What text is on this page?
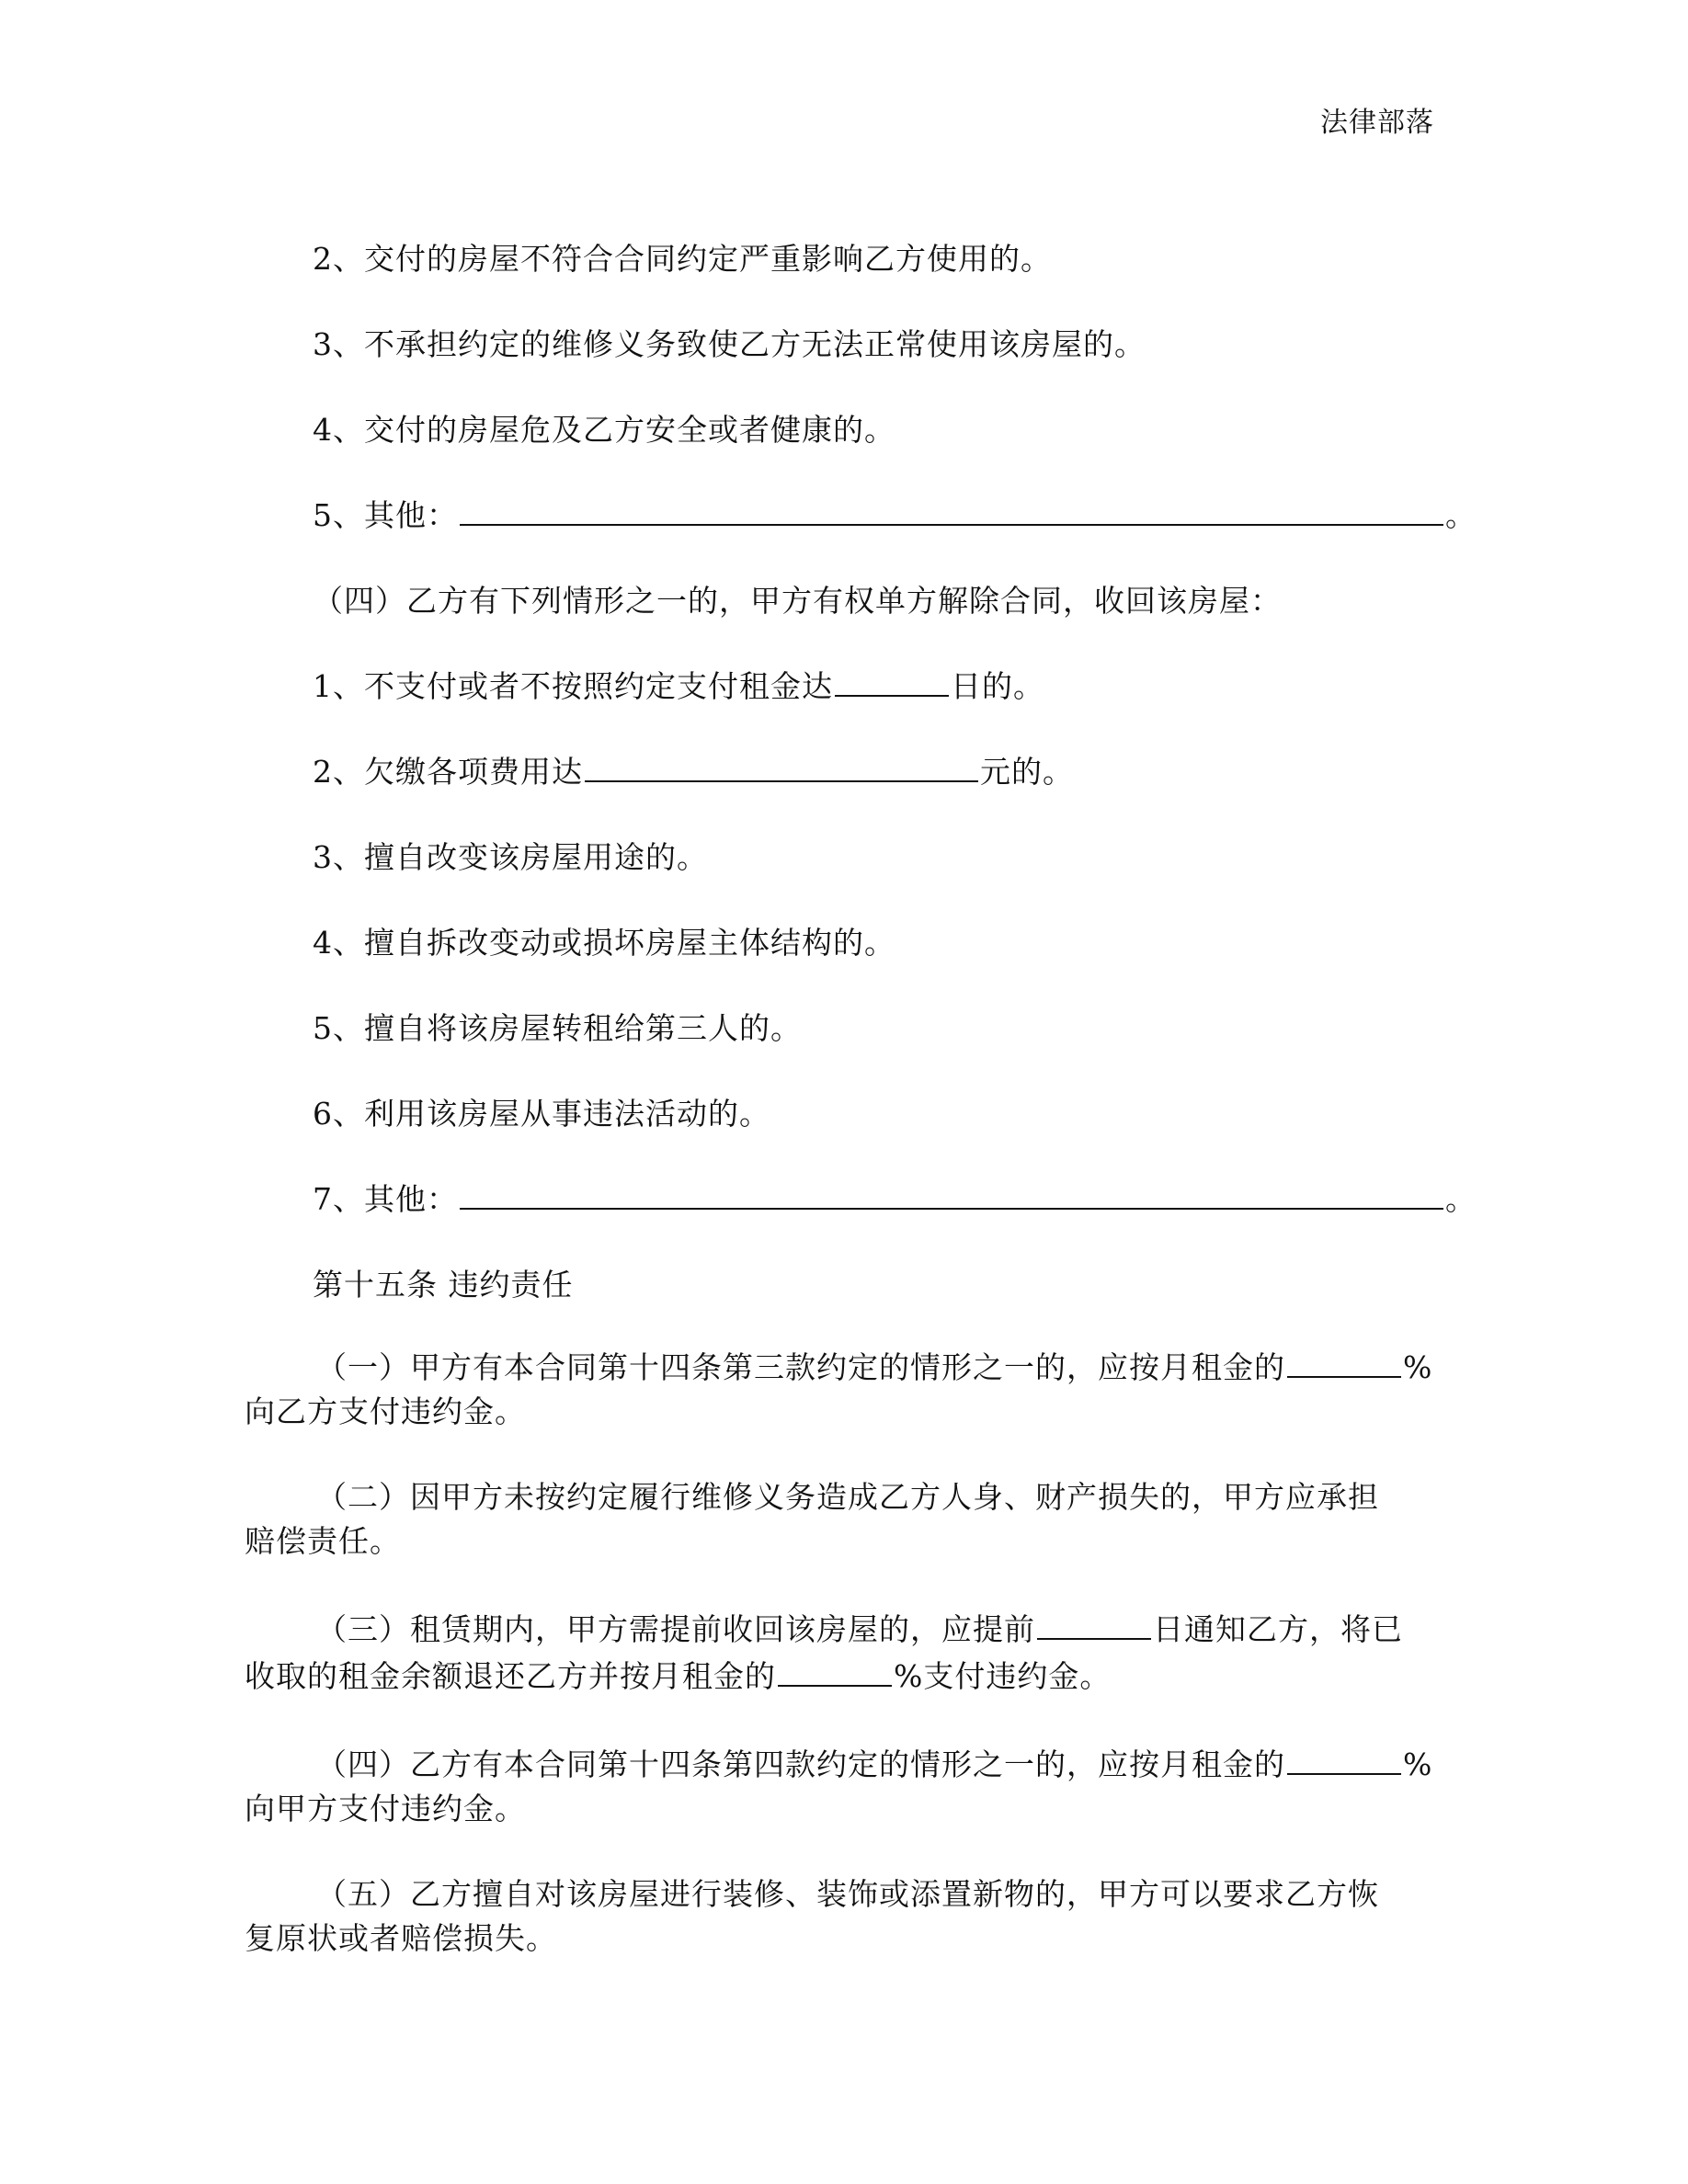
法律部落
2、交付的房屋不符合合同约定严重影响乙方使用的。
3、不承担约定的维修义务致使乙方无法正常使用该房屋的。
4、交付的房屋危及乙方安全或者健康的。
5、其他：	。
（四）乙方有下列情形之一的，甲方有权单方解除合同，收回该房屋：
1、不支付或者不按照约定支付租金达	日的。
2、欠缴各项费用达	元的。
3、擅自改变该房屋用途的。
4、擅自拆改变动或损坏房屋主体结构的。
5、擅自将该房屋转租给第三人的。
6、利用该房屋从事违法活动的。
7、其他：	。
第十五条 违约责任
（一）甲方有本合同第十四条第三款约定的情形之一的，应按月租金的	%
向乙方支付违约金。
（二）因甲方未按约定履行维修义务造成乙方人身、财产损失的，甲方应承担
赔偿责任。
（三）租赁期内，甲方需提前收回该房屋的，应提前	日通知乙方，将已
收取的租金余额退还乙方并按月租金的	%支付违约金。
（四）乙方有本合同第十四条第四款约定的情形之一的，应按月租金的	%
向甲方支付违约金。
（五）乙方擅自对该房屋进行装修、装饰或添置新物的，甲方可以要求乙方恢
复原状或者赔偿损失。
